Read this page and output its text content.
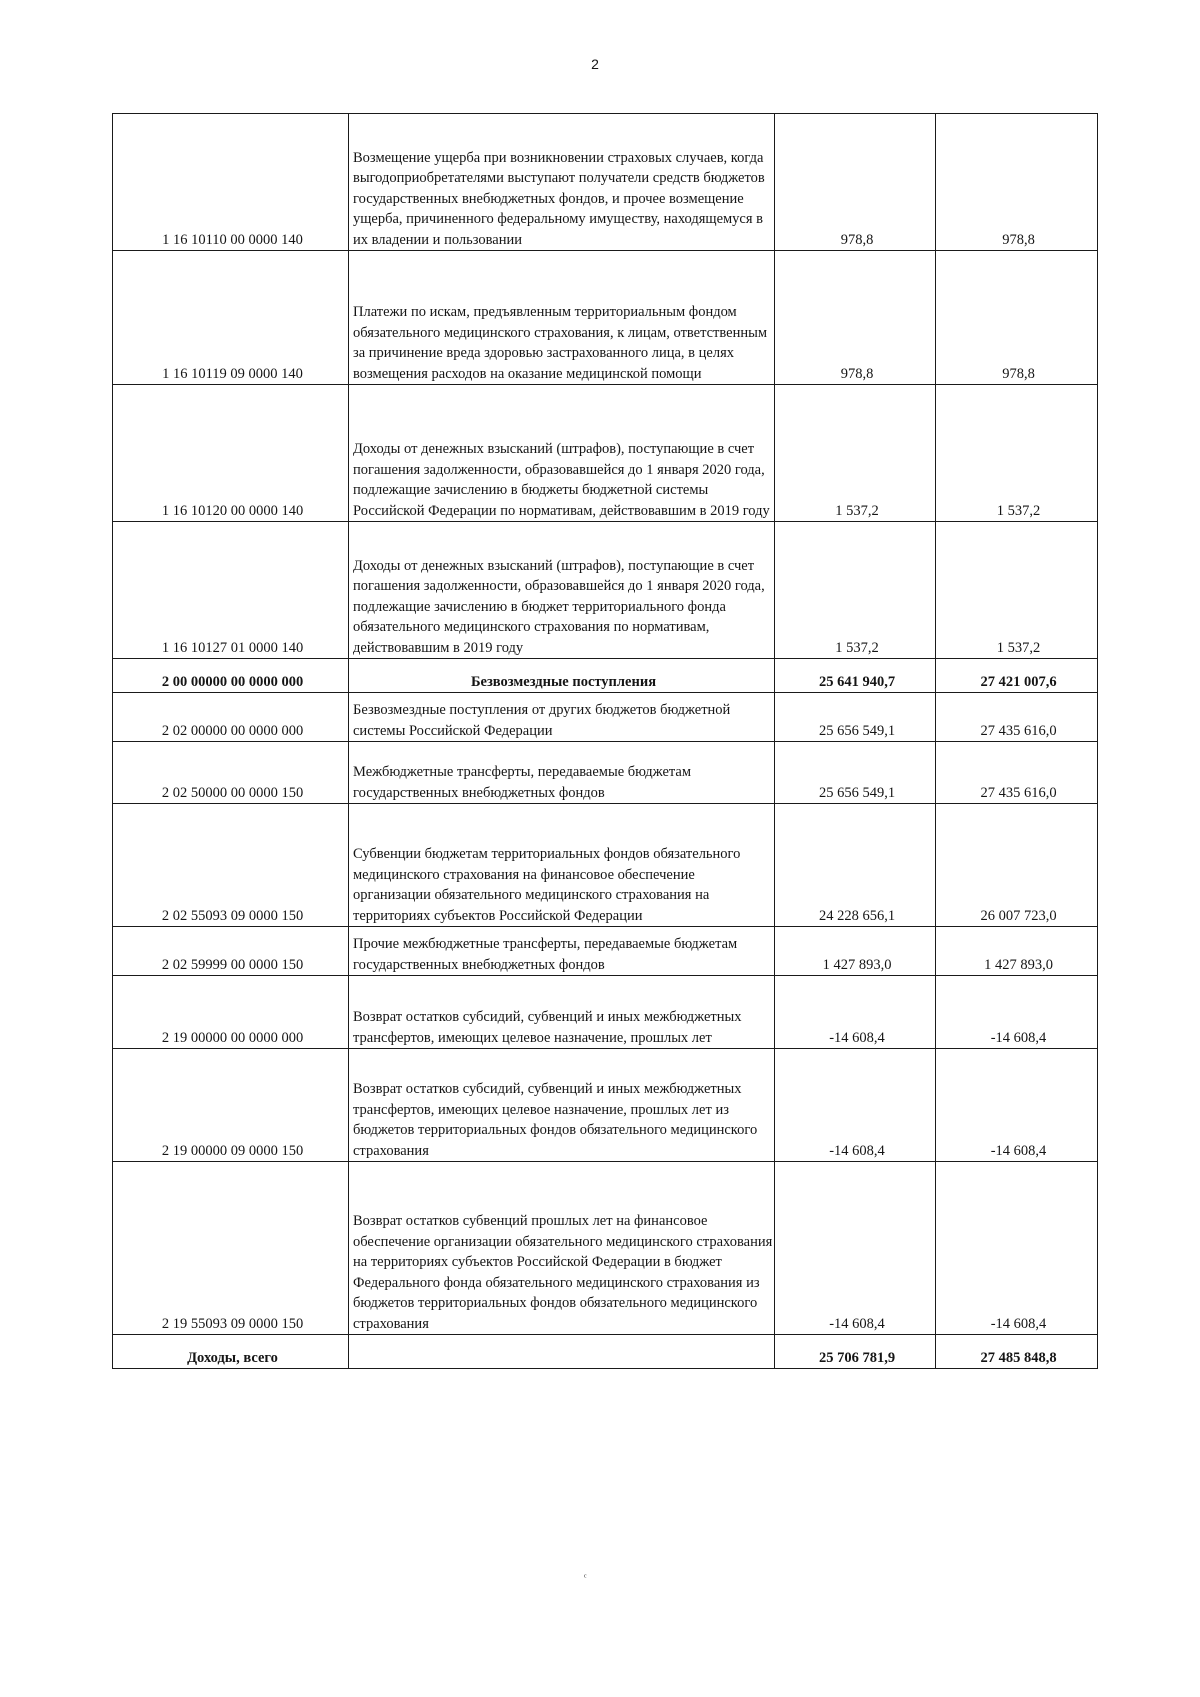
2
1 16 10110 00 0000 140	Возмещение ущерба при возникновении страховых случаев, когда выгодоприобретателями выступают получатели средств бюджетов государственных внебюджетных фондов, и прочее возмещение ущерба, причиненного федеральному имуществу, находящемуся в их владении и пользовании	978,8	978,8
1 16 10119 09 0000 140	Платежи по искам, предъявленным территориальным фондом обязательного медицинского страхования, к лицам, ответственным за причинение вреда здоровью застрахованного лица, в целях возмещения расходов на оказание медицинской помощи	978,8	978,8
1 16 10120 00 0000 140	Доходы от денежных взысканий (штрафов), поступающие в счет погашения задолженности, образовавшейся до 1 января 2020 года, подлежащие зачислению в бюджеты бюджетной системы Российской Федерации по нормативам, действовавшим в 2019 году	1 537,2	1 537,2
1 16 10127 01 0000 140	Доходы от денежных взысканий (штрафов), поступающие в счет погашения задолженности, образовавшейся до 1 января 2020 года, подлежащие зачислению в бюджет территориального фонда обязательного медицинского страхования по нормативам, действовавшим в 2019 году	1 537,2	1 537,2
2 00 00000 00 0000 000	Безвозмездные поступления	25 641 940,7	27 421 007,6
2 02 00000 00 0000 000	Безвозмездные поступления от других бюджетов бюджетной системы Российской Федерации	25 656 549,1	27 435 616,0
2 02 50000 00 0000 150	Межбюджетные трансферты, передаваемые бюджетам государственных внебюджетных фондов	25 656 549,1	27 435 616,0
2 02 55093 09 0000 150	Субвенции бюджетам территориальных фондов обязательного медицинского страхования на финансовое обеспечение организации обязательного медицинского страхования на территориях субъектов Российской Федерации	24 228 656,1	26 007 723,0
2 02 59999 00 0000 150	Прочие межбюджетные трансферты, передаваемые бюджетам государственных внебюджетных фондов	1 427 893,0	1 427 893,0
2 19 00000 00 0000 000	Возврат остатков субсидий, субвенций и иных межбюджетных трансфертов, имеющих целевое назначение, прошлых лет	-14 608,4	-14 608,4
2 19 00000 09 0000 150	Возврат остатков субсидий, субвенций и иных межбюджетных трансфертов, имеющих целевое назначение, прошлых лет из бюджетов территориальных фондов обязательного медицинского страхования	-14 608,4	-14 608,4
2 19 55093 09 0000 150	Возврат остатков субвенций прошлых лет на финансовое обеспечение организации обязательного медицинского страхования на территориях субъектов Российской Федерации в бюджет Федерального фонда обязательного медицинского страхования из бюджетов территориальных фондов обязательного медицинского страхования	-14 608,4	-14 608,4
Доходы, всего		25 706 781,9	27 485 848,8
ᶜ
